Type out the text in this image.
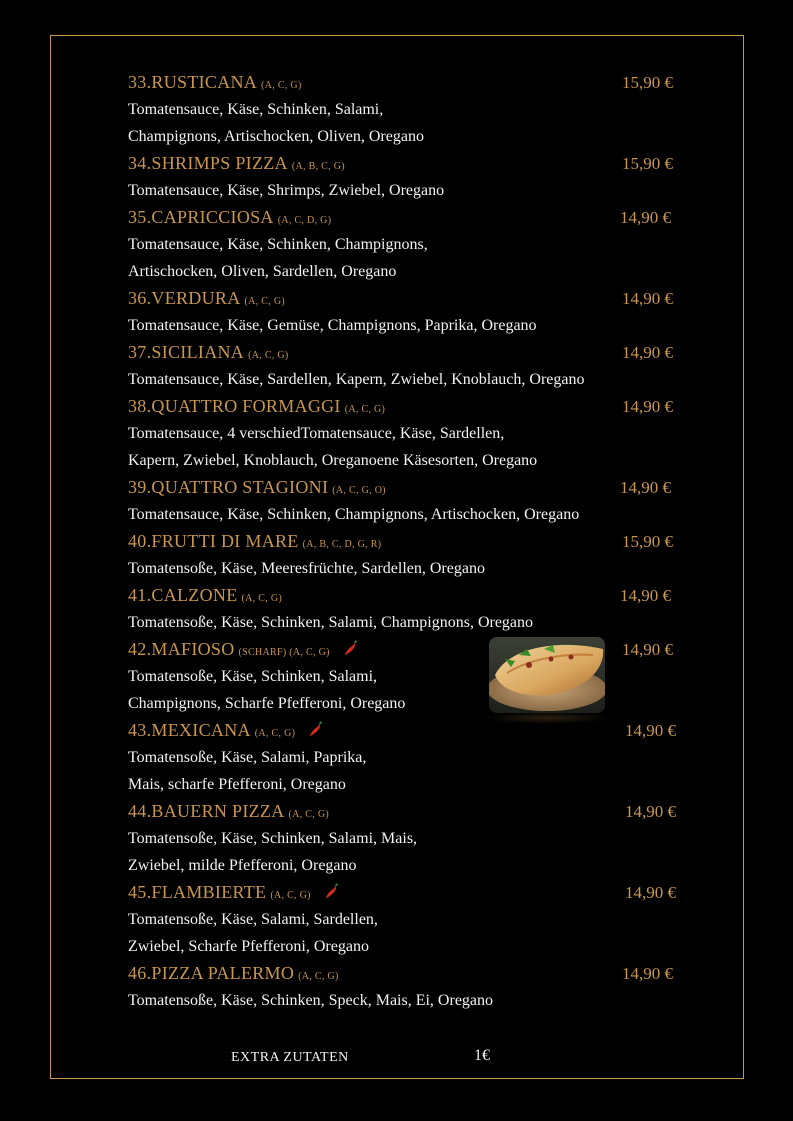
33.RUSTICANA (A, C, G)	15,90 €
Tomatensauce, Käse, Schinken, Salami,
Champignons, Artischocken, Oliven, Oregano
34.SHRIMPS PIZZA (A, B, C, G)	15,90 €
Tomatensauce, Käse, Shrimps, Zwiebel, Oregano
35.CAPRICCIOSA (A, C, D, G)	14,90 €
Tomatensauce, Käse, Schinken, Champignons,
Artischocken, Oliven, Sardellen, Oregano
36.VERDURA (A, C, G)	14,90 €
Tomatensauce, Käse, Gemüse, Champignons, Paprika, Oregano
37.SICILIANA (A, C, G)	14,90 €
Tomatensauce, Käse, Sardellen, Kapern, Zwiebel, Knoblauch, Oregano
38.QUATTRO FORMAGGI (A, C, G)	14,90 €
Tomatensauce, 4 verschiedTomatensauce, Käse, Sardellen,
Kapern, Zwiebel, Knoblauch, Oreganoene Käsesorten, Oregano
39.QUATTRO STAGIONI (A, C, G, O)	14,90 €
Tomatensauce, Käse, Schinken, Champignons, Artischocken, Oregano
40.FRUTTI DI MARE (A, B, C, D, G, R)	15,90 €
Tomatensoße, Käse, Meeresfrüchte, Sardellen, Oregano
41.CALZONE (A, C, G)	14,90 €
Tomatensoße, Käse, Schinken, Salami, Champignons, Oregano
42.MAFIOSO (SCHARF) (A, C, G)	14,90 €
Tomatensoße, Käse, Schinken, Salami,
Champignons, Scharfe Pfefferoni, Oregano
43.MEXICANA (A, C, G)	14,90 €
Tomatensoße, Käse, Salami, Paprika,
Mais, scharfe Pfefferoni, Oregano
44.BAUERN PIZZA (A, C, G)	14,90 €
Tomatensoße, Käse, Schinken, Salami, Mais,
Zwiebel, milde Pfefferoni, Oregano
45.FLAMBIERTE (A, C, G)	14,90 €
Tomatensoße, Käse, Salami, Sardellen,
Zwiebel, Scharfe Pfefferoni, Oregano
46.PIZZA PALERMO (A, C, G)	14,90 €
Tomatensoße, Käse, Schinken, Speck, Mais, Ei, Oregano
EXTRA ZUTATEN	1€
